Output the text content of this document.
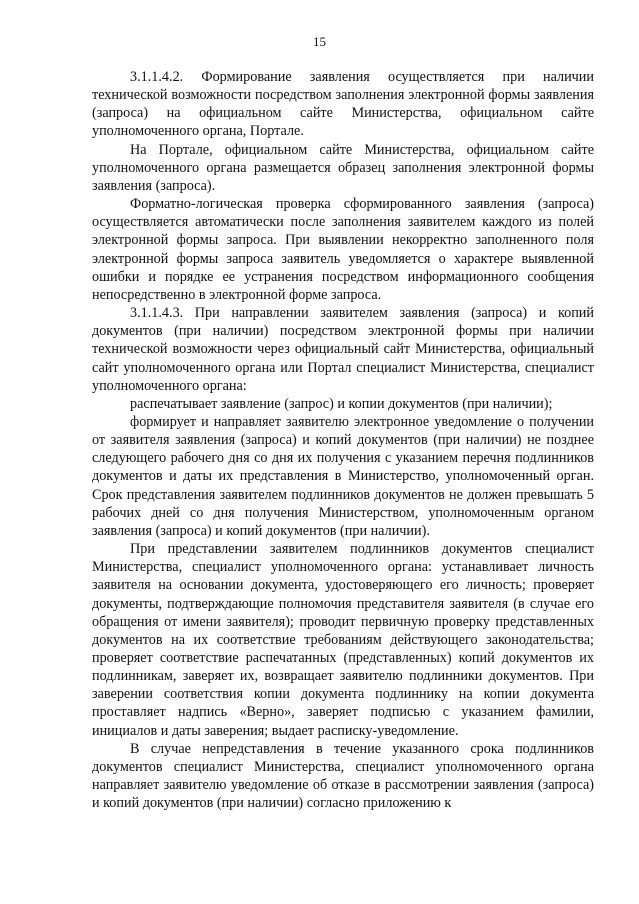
15

3.1.1.4.2. Формирование заявления осуществляется при наличии технической возможности посредством заполнения электронной формы заявления (запроса) на официальном сайте Министерства, официальном сайте уполномоченного органа, Портале.

На Портале, официальном сайте Министерства, официальном сайте уполномоченного органа размещается образец заполнения электронной формы заявления (запроса).

Форматно-логическая проверка сформированного заявления (запроса) осуществляется автоматически после заполнения заявителем каждого из полей электронной формы запроса. При выявлении некорректно заполненного поля электронной формы запроса заявитель уведомляется о характере выявленной ошибки и порядке ее устранения посредством информационного сообщения непосредственно в электронной форме запроса.

3.1.1.4.3. При направлении заявителем заявления (запроса) и копий документов (при наличии) посредством электронной формы при наличии технической возможности через официальный сайт Министерства, официальный сайт уполномоченного органа или Портал специалист Министерства, специалист уполномоченного органа:

распечатывает заявление (запрос) и копии документов (при наличии);

формирует и направляет заявителю электронное уведомление о получении от заявителя заявления (запроса) и копий документов (при наличии) не позднее следующего рабочего дня со дня их получения с указанием перечня подлинников документов и даты их представления в Министерство, уполномоченный орган. Срок представления заявителем подлинников документов не должен превышать 5 рабочих дней со дня получения Министерством, уполномоченным органом заявления (запроса) и копий документов (при наличии).

При представлении заявителем подлинников документов специалист Министерства, специалист уполномоченного органа: устанавливает личность заявителя на основании документа, удостоверяющего его личность; проверяет документы, подтверждающие полномочия представителя заявителя (в случае его обращения от имени заявителя); проводит первичную проверку представленных документов на их соответствие требованиям действующего законодательства; проверяет соответствие распечатанных (представленных) копий документов их подлинникам, заверяет их, возвращает заявителю подлинники документов. При заверении соответствия копии документа подлиннику на копии документа проставляет надпись «Верно», заверяет подписью с указанием фамилии, инициалов и даты заверения; выдает расписку-уведомление.

В случае непредставления в течение указанного срока подлинников документов специалист Министерства, специалист уполномоченного органа направляет заявителю уведомление об отказе в рассмотрении заявления (запроса) и копий документов (при наличии) согласно приложению к
